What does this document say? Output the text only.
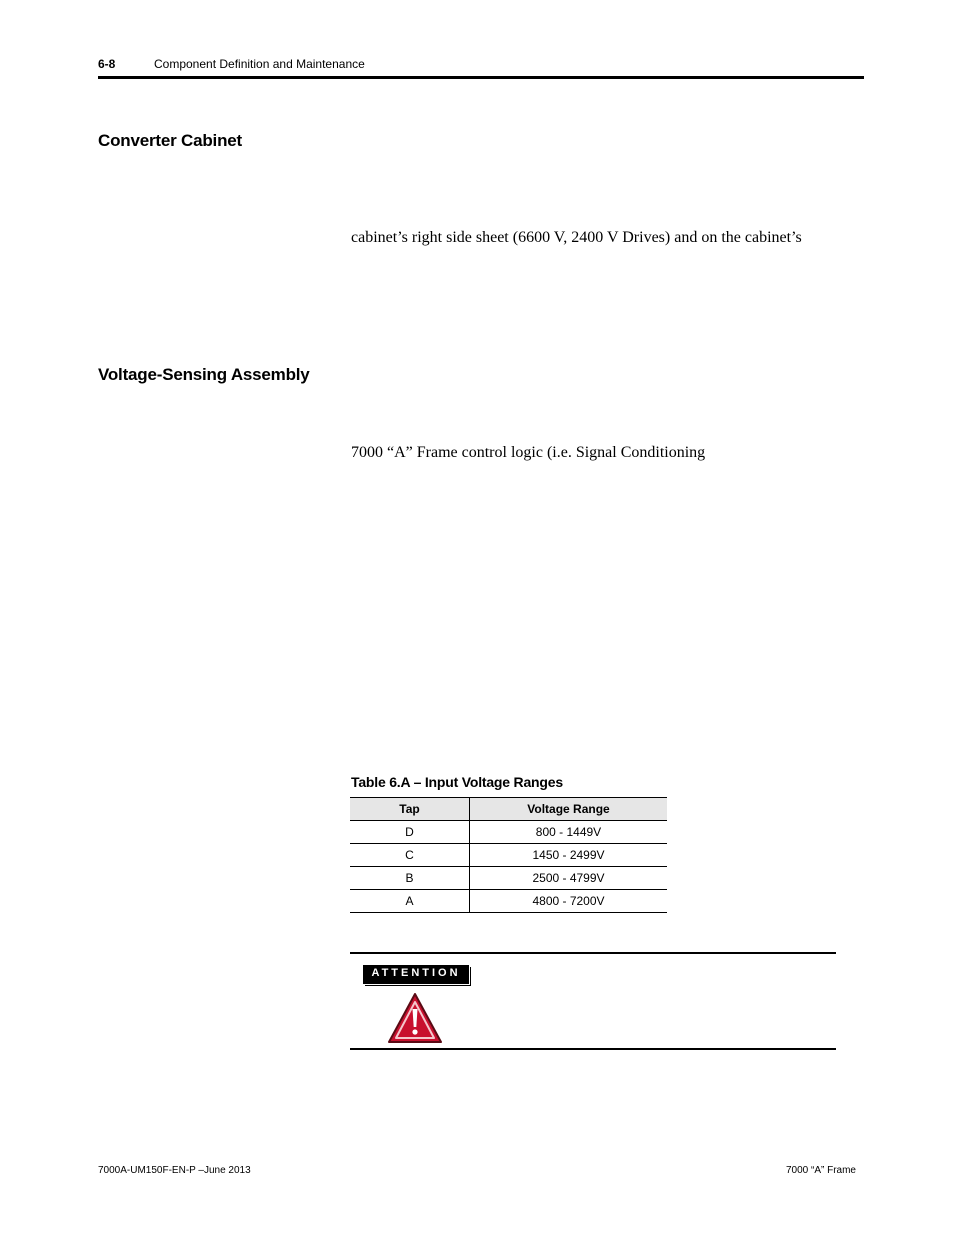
6-8	Component Definition and Maintenance
Converter Cabinet
cabinet’s right side sheet (6600 V, 2400 V Drives) and on the cabinet’s
Voltage-Sensing Assembly
7000 “A” Frame control logic (i.e. Signal Conditioning
Table 6.A – Input Voltage Ranges
Tap	Voltage Range
D	800 - 1449V
C	1450 - 2499V
B	2500 - 4799V
A	4800 - 7200V
ATTENTION
7000A-UM150F-EN-P –June 2013	7000 “A” Frame
